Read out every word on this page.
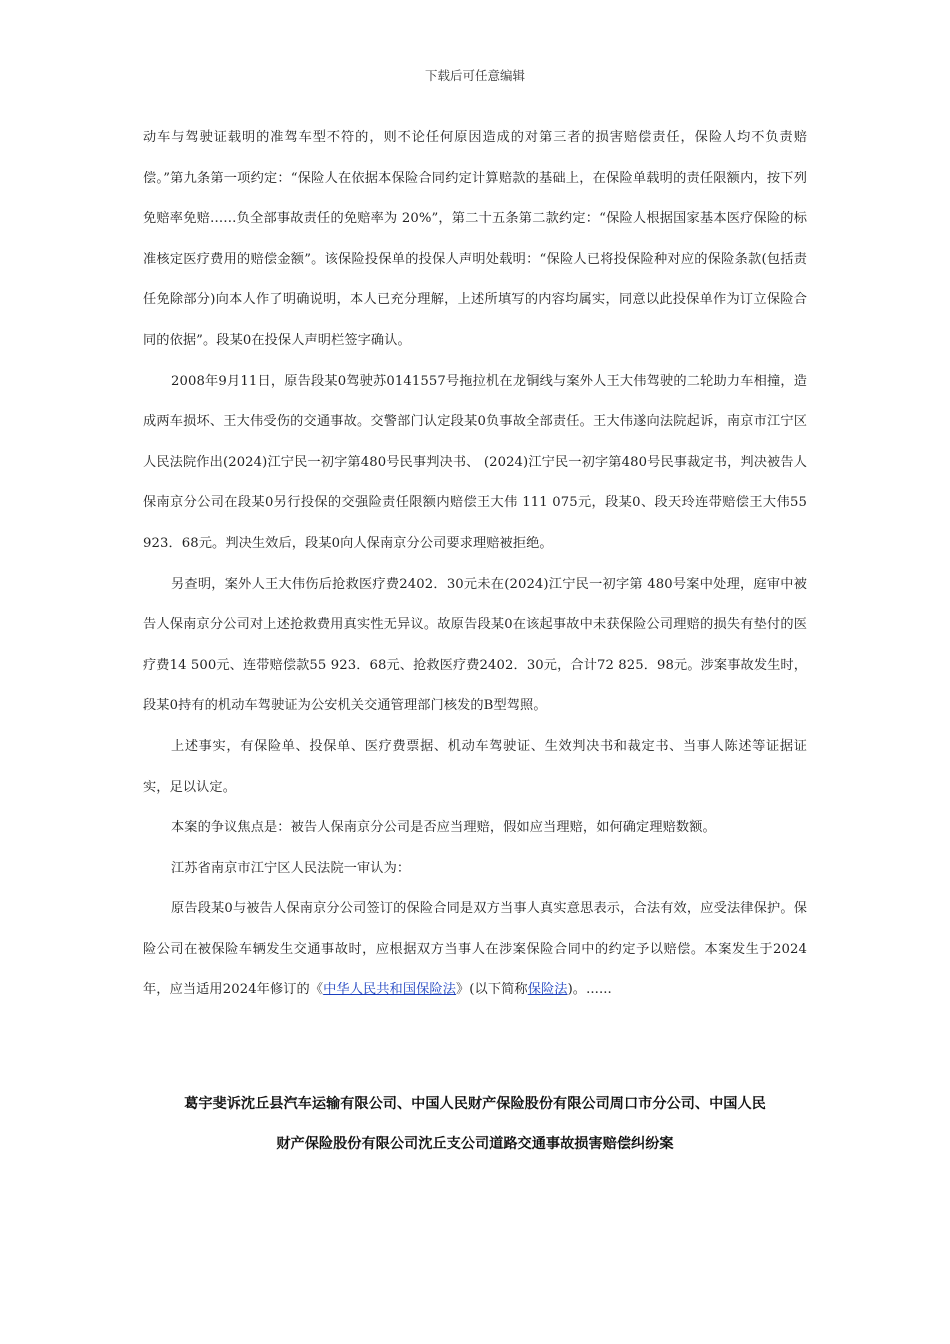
下载后可任意编辑

动车与驾驶证载明的准驾车型不符的，则不论任何原因造成的对第三者的损害赔偿责任，保险人均不负责赔偿。”第九条第一项约定：“保险人在依据本保险合同约定计算赔款的基础上，在保险单载明的责任限额内，按下列免赔率免赔……负全部事故责任的免赔率为 20%”，第二十五条第二款约定：“保险人根据国家基本医疗保险的标准核定医疗费用的赔偿金额”。该保险投保单的投保人声明处载明：“保险人已将投保险种对应的保险条款(包括责任免除部分)向本人作了明确说明，本人已充分理解，上述所填写的内容均属实，同意以此投保单作为订立保险合同的依据”。段某0在投保人声明栏签字确认。

2008年9月11日，原告段某0驾驶苏0141557号拖拉机在龙铜线与案外人王大伟驾驶的二轮助力车相撞，造成两车损坏、王大伟受伤的交通事故。交警部门认定段某0负事故全部责任。王大伟遂向法院起诉，南京市江宁区人民法院作出(2024)江宁民一初字第480号民事判决书、 (2024)江宁民一初字第480号民事裁定书，判决被告人保南京分公司在段某0另行投保的交强险责任限额内赔偿王大伟 111 075元，段某0、段天玲连带赔偿王大伟55 923．68元。判决生效后，段某0向人保南京分公司要求理赔被拒绝。

另查明，案外人王大伟伤后抢救医疗费2402．30元未在(2024)江宁民一初字第 480号案中处理，庭审中被告人保南京分公司对上述抢救费用真实性无异议。故原告段某0在该起事故中未获保险公司理赔的损失有垫付的医疗费14 500元、连带赔偿款55 923．68元、抢救医疗费2402．30元，合计72 825．98元。涉案事故发生时，段某0持有的机动车驾驶证为公安机关交通管理部门核发的B型驾照。

上述事实，有保险单、投保单、医疗费票据、机动车驾驶证、生效判决书和裁定书、当事人陈述等证据证实，足以认定。

本案的争议焦点是：被告人保南京分公司是否应当理赔，假如应当理赔，如何确定理赔数额。

江苏省南京市江宁区人民法院一审认为：

原告段某0与被告人保南京分公司签订的保险合同是双方当事人真实意思表示，合法有效，应受法律保护。保险公司在被保险车辆发生交通事故时，应根据双方当事人在涉案保险合同中的约定予以赔偿。本案发生于2024年，应当适用2024年修订的《中华人民共和国保险法》(以下简称保险法)。......

葛宇斐诉沈丘县汽车运输有限公司、中国人民财产保险股份有限公司周口市分公司、中国人民
财产保险股份有限公司沈丘支公司道路交通事故损害赔偿纠纷案
